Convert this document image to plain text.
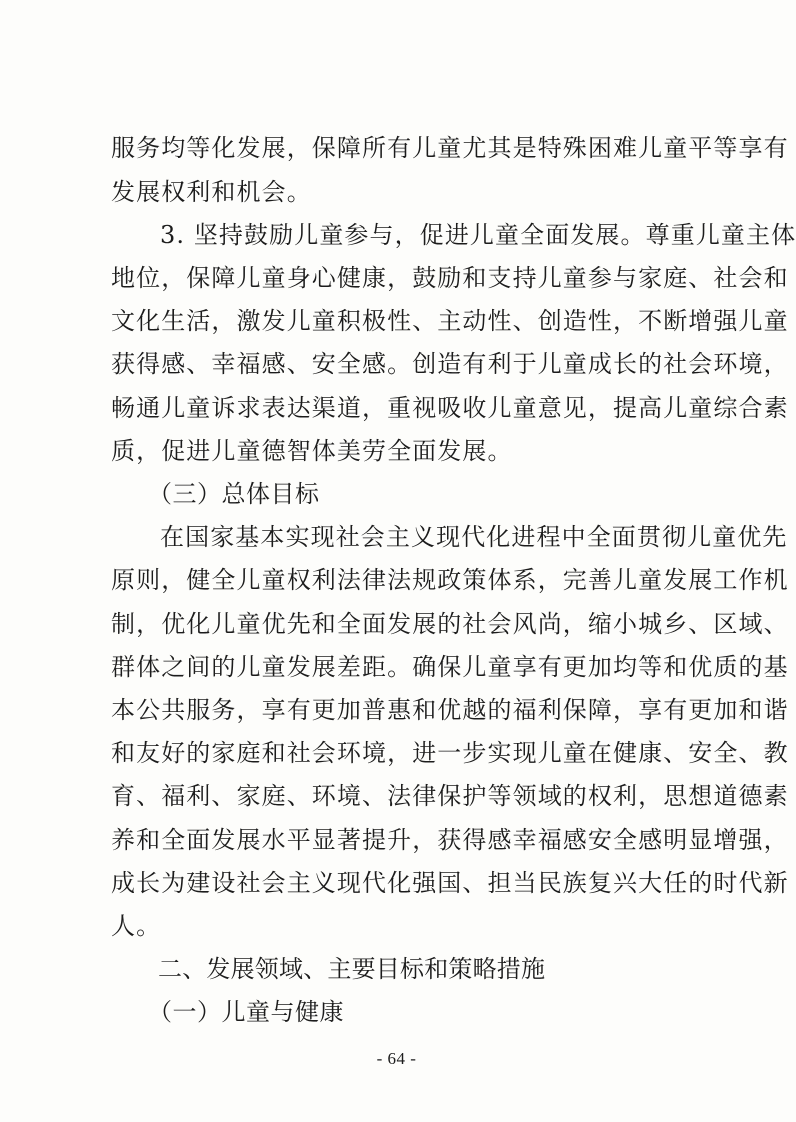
服务均等化发展，保障所有儿童尤其是特殊困难儿童平等享有
发展权利和机会。
3. 坚持鼓励儿童参与，促进儿童全面发展。尊重儿童主体
地位，保障儿童身心健康，鼓励和支持儿童参与家庭、社会和
文化生活，激发儿童积极性、主动性、创造性，不断增强儿童
获得感、幸福感、安全感。创造有利于儿童成长的社会环境，
畅通儿童诉求表达渠道，重视吸收儿童意见，提高儿童综合素
质，促进儿童德智体美劳全面发展。
（三）总体目标
在国家基本实现社会主义现代化进程中全面贯彻儿童优先
原则，健全儿童权利法律法规政策体系，完善儿童发展工作机
制，优化儿童优先和全面发展的社会风尚，缩小城乡、区域、
群体之间的儿童发展差距。确保儿童享有更加均等和优质的基
本公共服务，享有更加普惠和优越的福利保障，享有更加和谐
和友好的家庭和社会环境，进一步实现儿童在健康、安全、教
育、福利、家庭、环境、法律保护等领域的权利，思想道德素
养和全面发展水平显著提升，获得感幸福感安全感明显增强，
成长为建设社会主义现代化强国、担当民族复兴大任的时代新
人。
二、发展领域、主要目标和策略措施
（一）儿童与健康
- 64 -
